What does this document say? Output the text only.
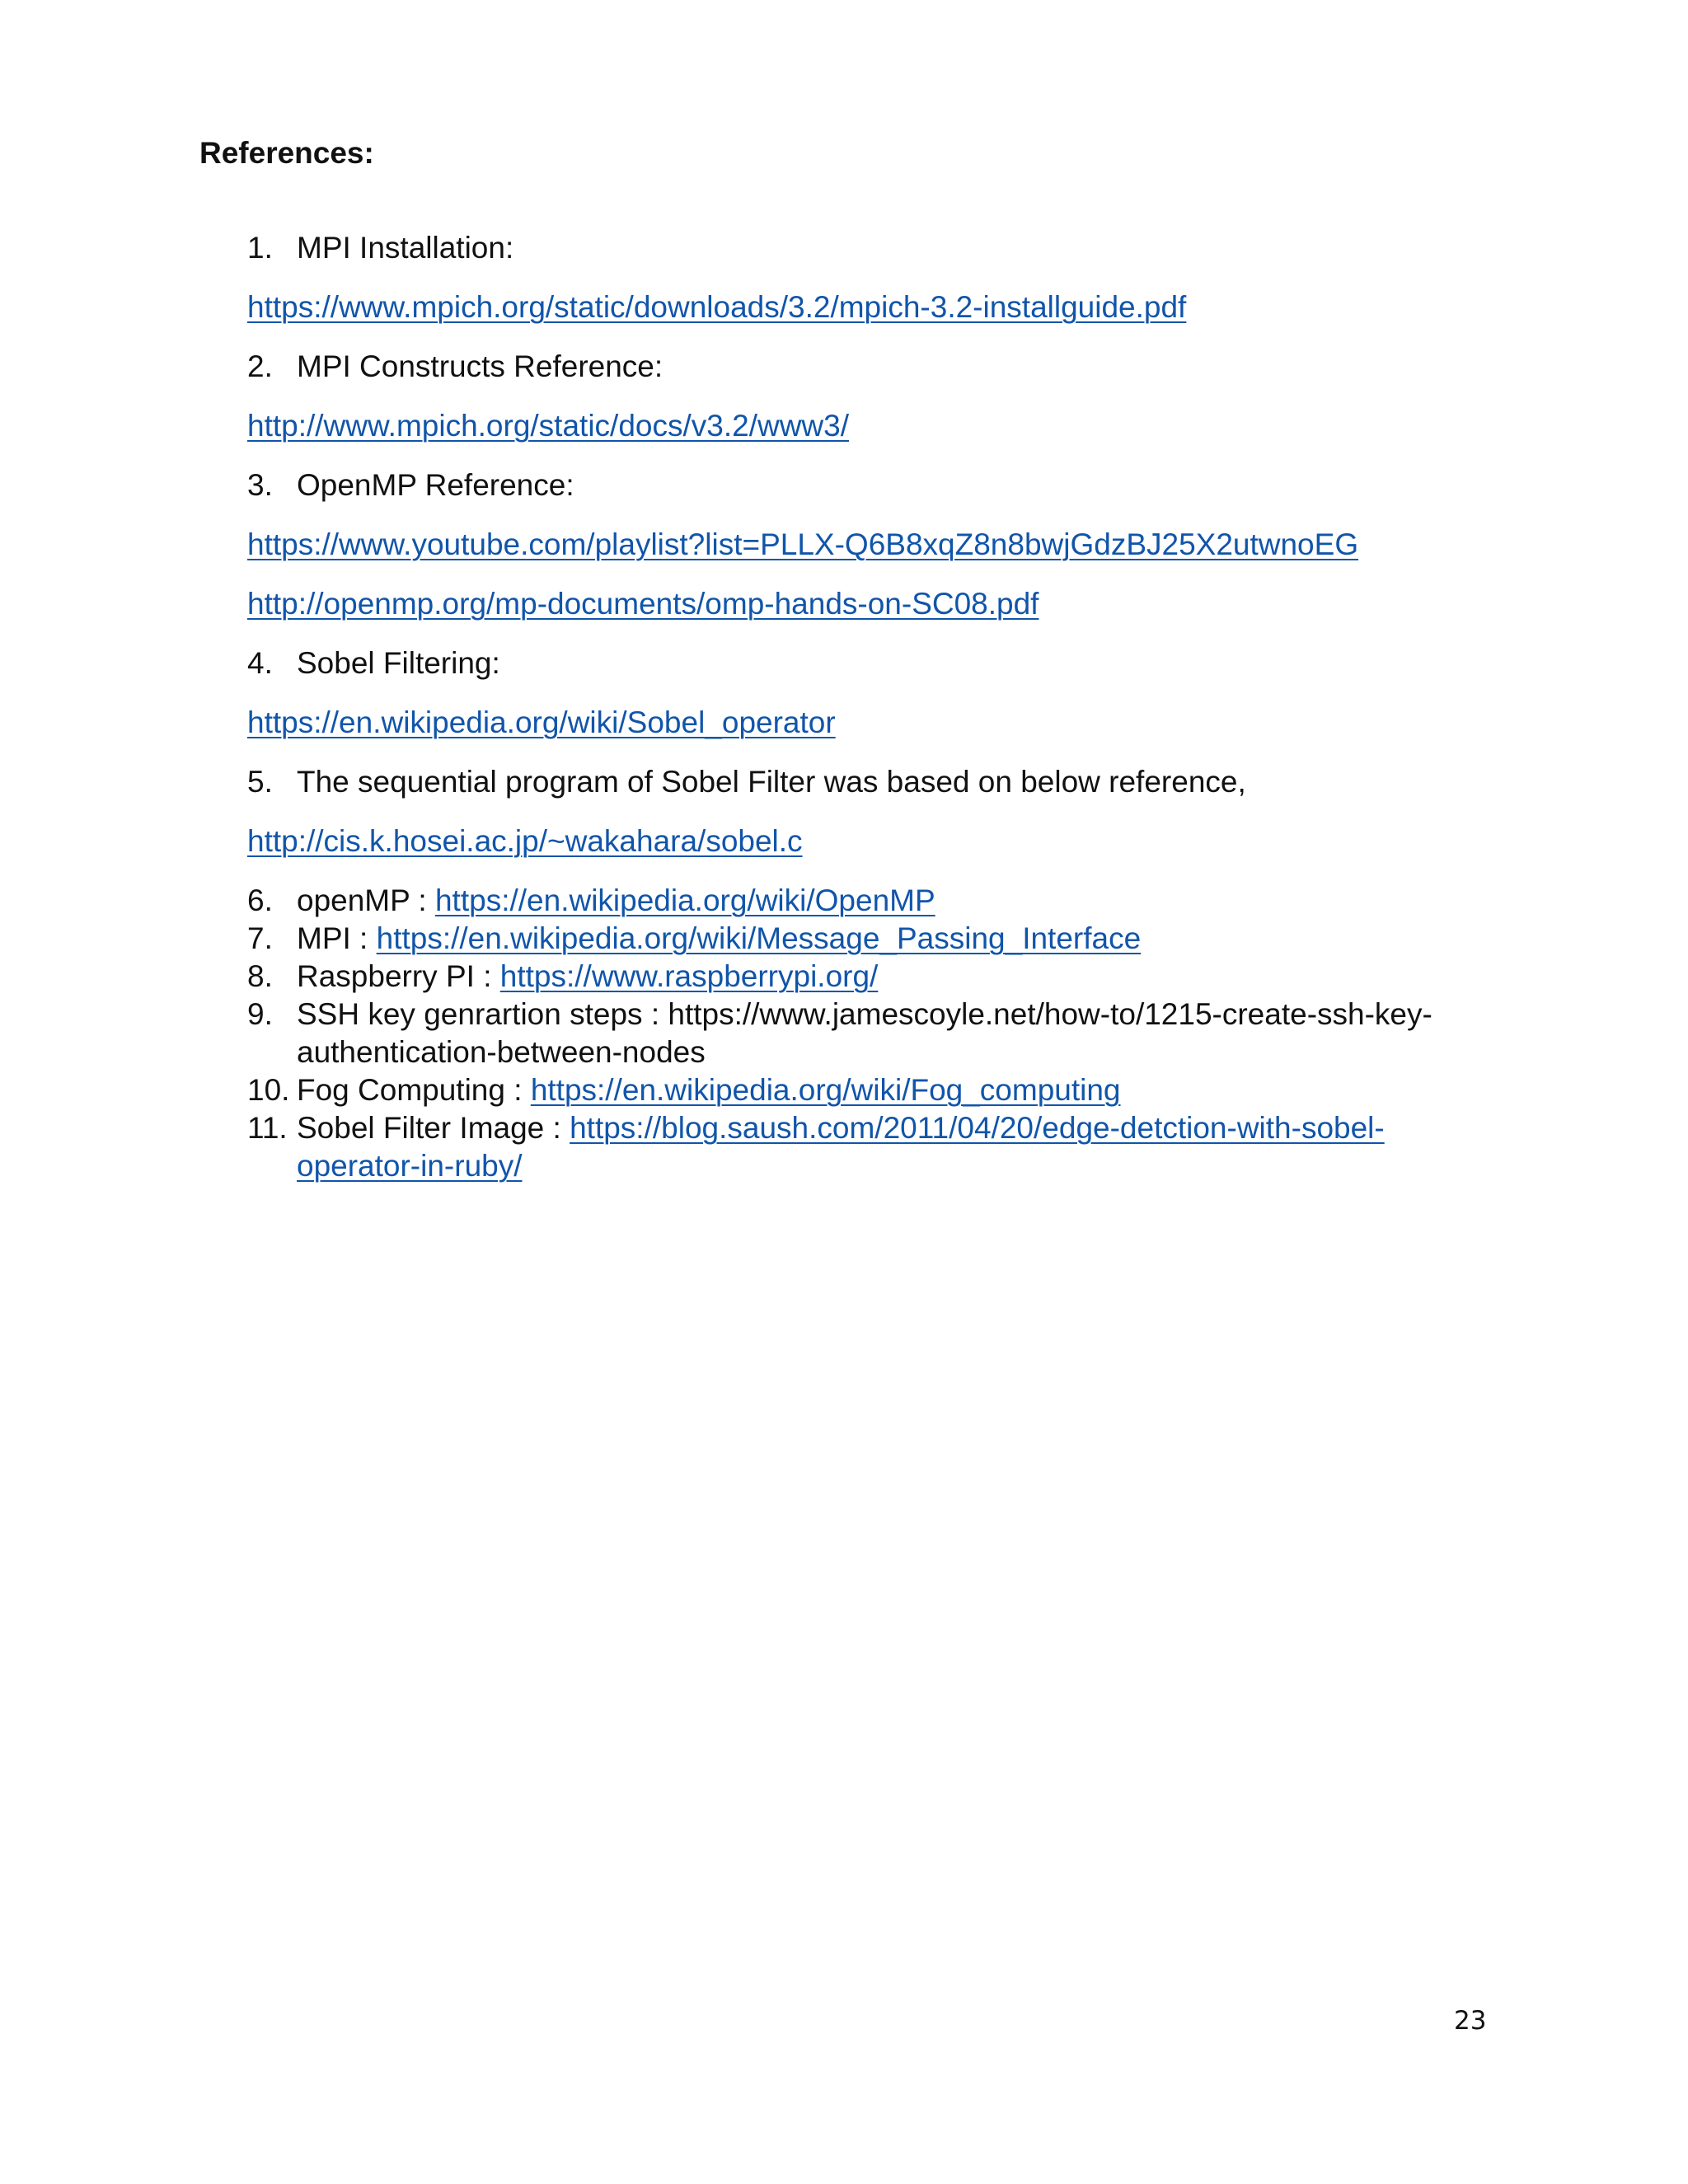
References:
1. MPI Installation:
https://www.mpich.org/static/downloads/3.2/mpich-3.2-installguide.pdf
2. MPI Constructs Reference:
http://www.mpich.org/static/docs/v3.2/www3/
3. OpenMP Reference:
https://www.youtube.com/playlist?list=PLLX-Q6B8xqZ8n8bwjGdzBJ25X2utwnoEG
http://openmp.org/mp-documents/omp-hands-on-SC08.pdf
4. Sobel Filtering:
https://en.wikipedia.org/wiki/Sobel_operator
5. The sequential program of Sobel Filter was based on below reference,
http://cis.k.hosei.ac.jp/~wakahara/sobel.c
6. openMP : https://en.wikipedia.org/wiki/OpenMP
7. MPI : https://en.wikipedia.org/wiki/Message_Passing_Interface
8. Raspberry PI : https://www.raspberrypi.org/
9. SSH key genrartion steps : https://www.jamescoyle.net/how-to/1215-create-ssh-key-authentication-between-nodes
10. Fog Computing : https://en.wikipedia.org/wiki/Fog_computing
11. Sobel Filter Image : https://blog.saush.com/2011/04/20/edge-detction-with-sobel-operator-in-ruby/
23
